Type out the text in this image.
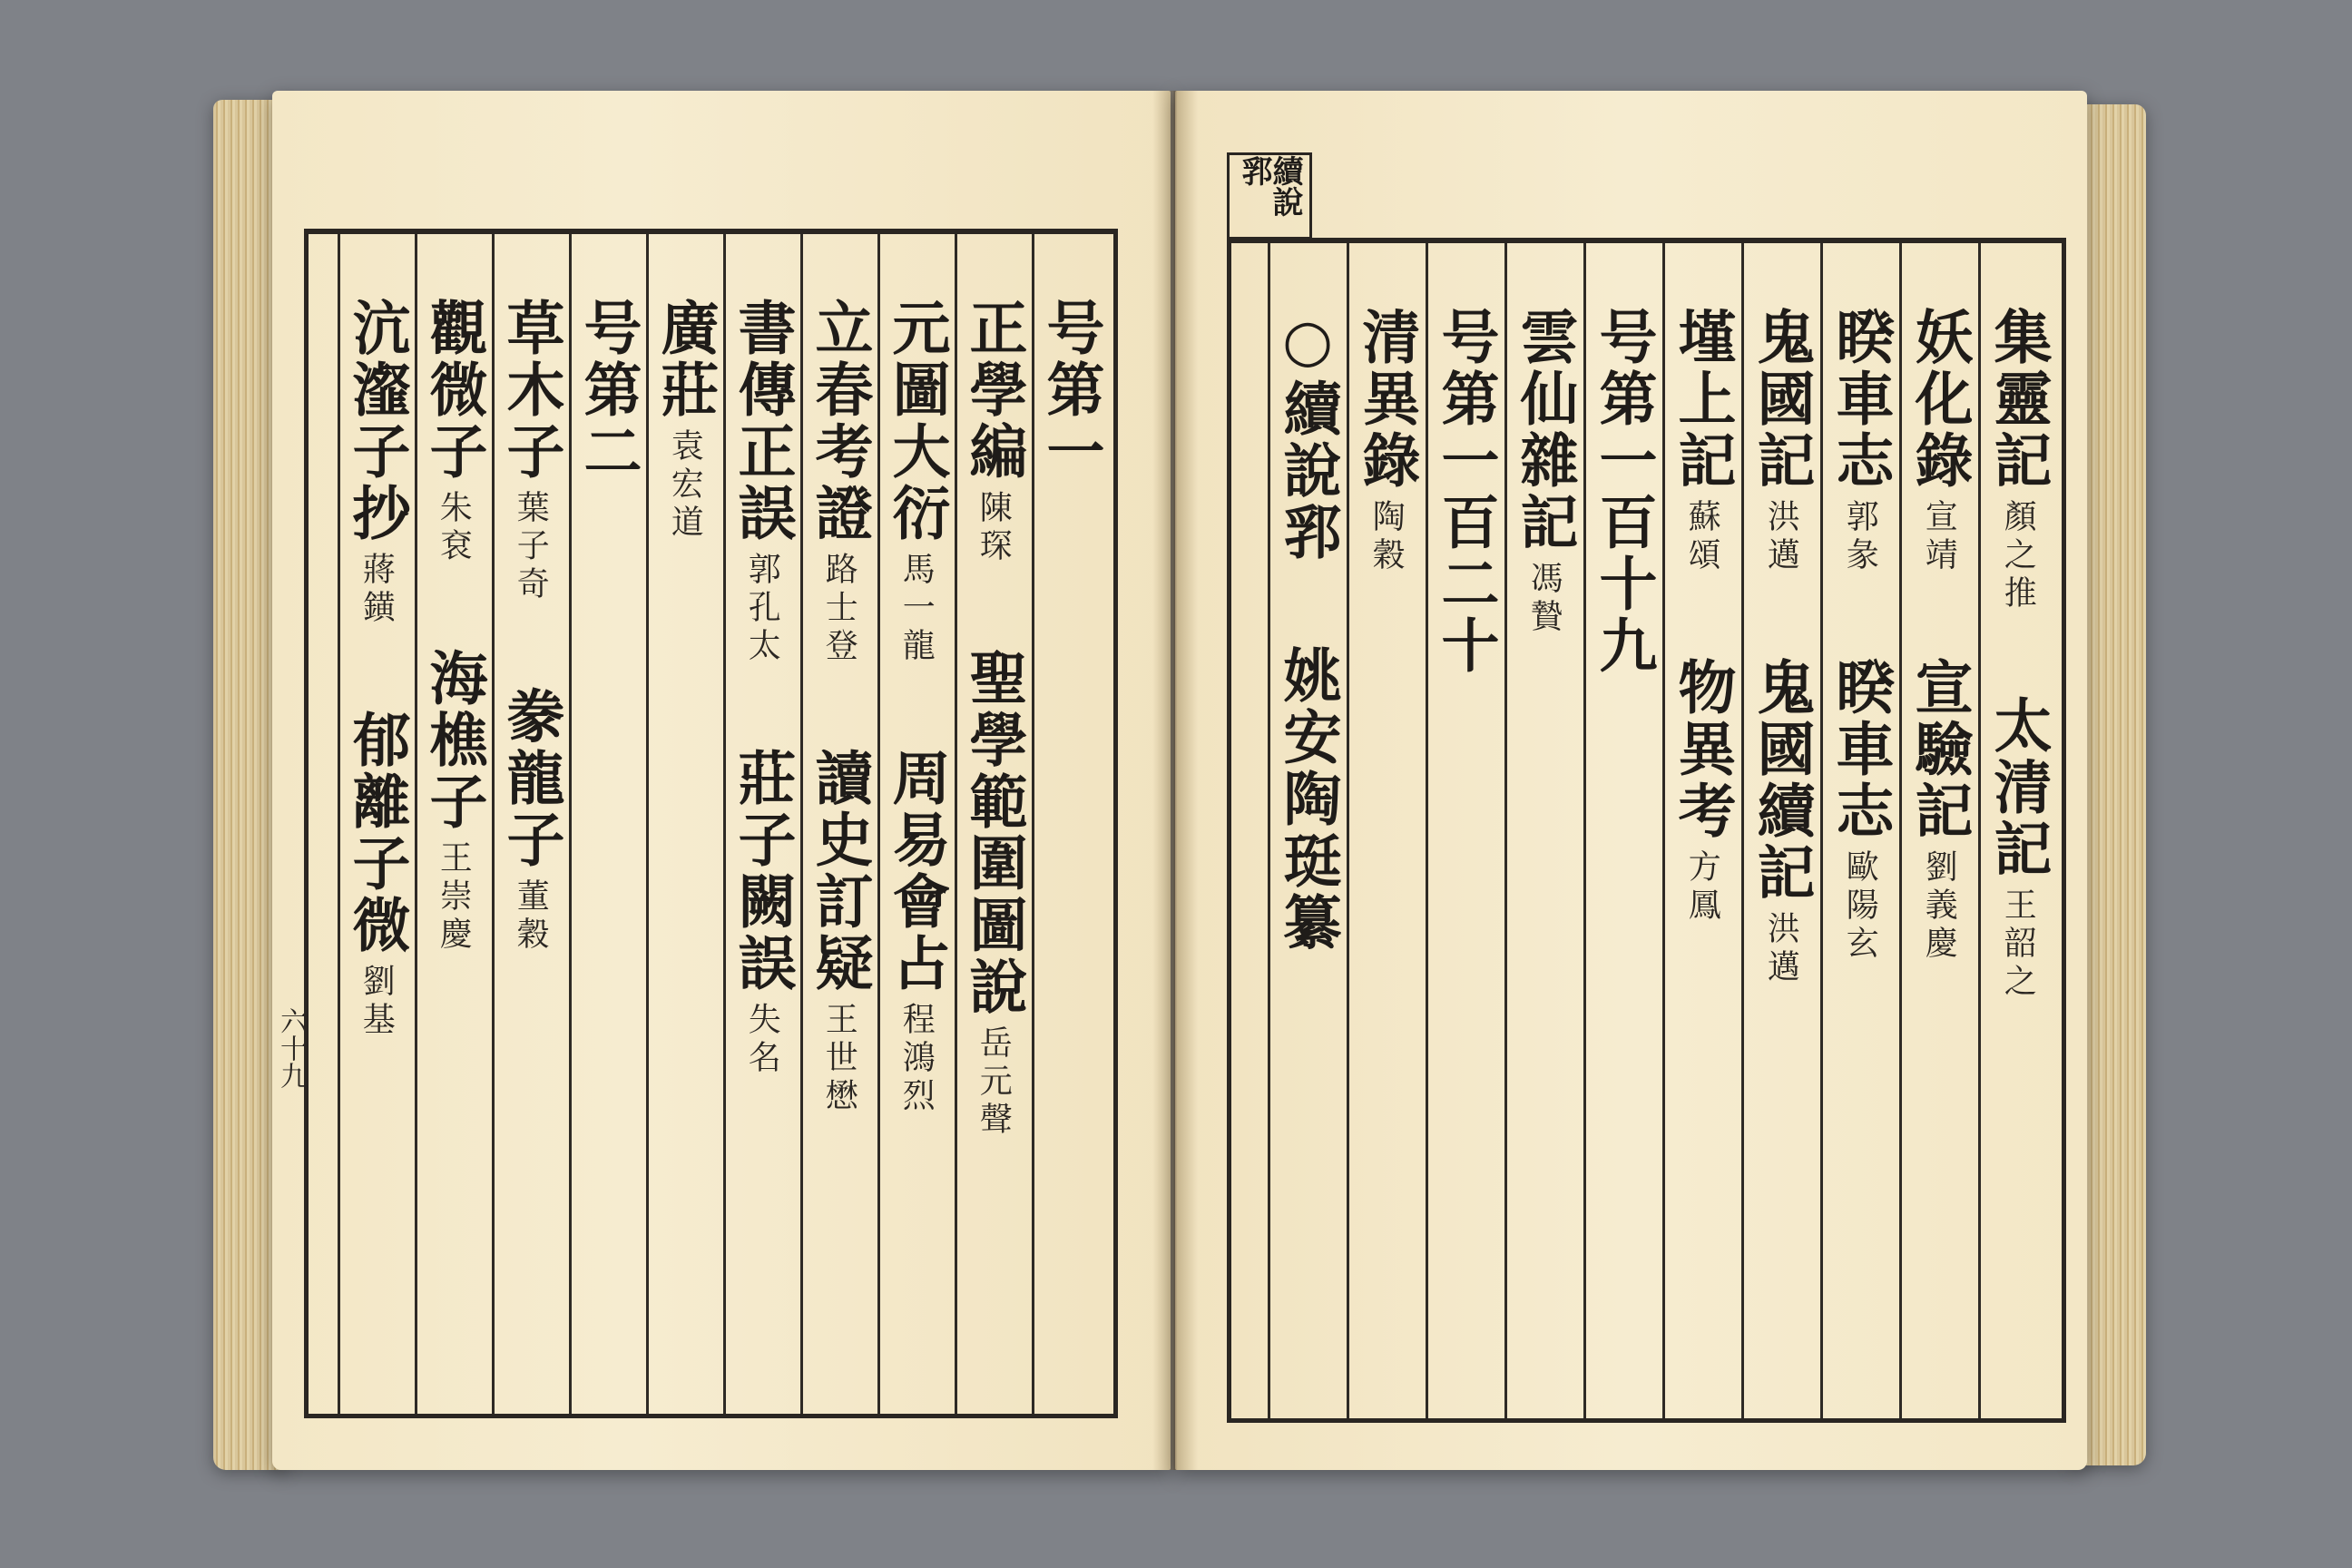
六十九
号第一
正學編
陳琛
聖學範圍圖說
岳元聲
元圖大衍
馬一龍
周易會占
程鴻烈
立春考證
路士登
讀史訂疑
王世懋
書傳正誤
郭孔太
莊子闕誤
失名
廣莊
袁宏道
号第二
草木子
葉子奇
豢龍子
董穀
觀微子
朱袞
海樵子
王崇慶
沆瀣子抄
蔣鐄
郁離子微
劉基
集靈記
顏之推
太清記
王韶之
妖化錄
宣靖
宣驗記
劉義慶
睽車志
郭彖
睽車志
歐陽玄
鬼國記
洪邁
鬼國續記
洪邁
墐上記
蘇頌
物異考
方鳳
号第一百十九
雲仙雜記
馮贄
号第一百二十
清異錄
陶穀
○續說郛
姚安陶珽纂
續說郛
